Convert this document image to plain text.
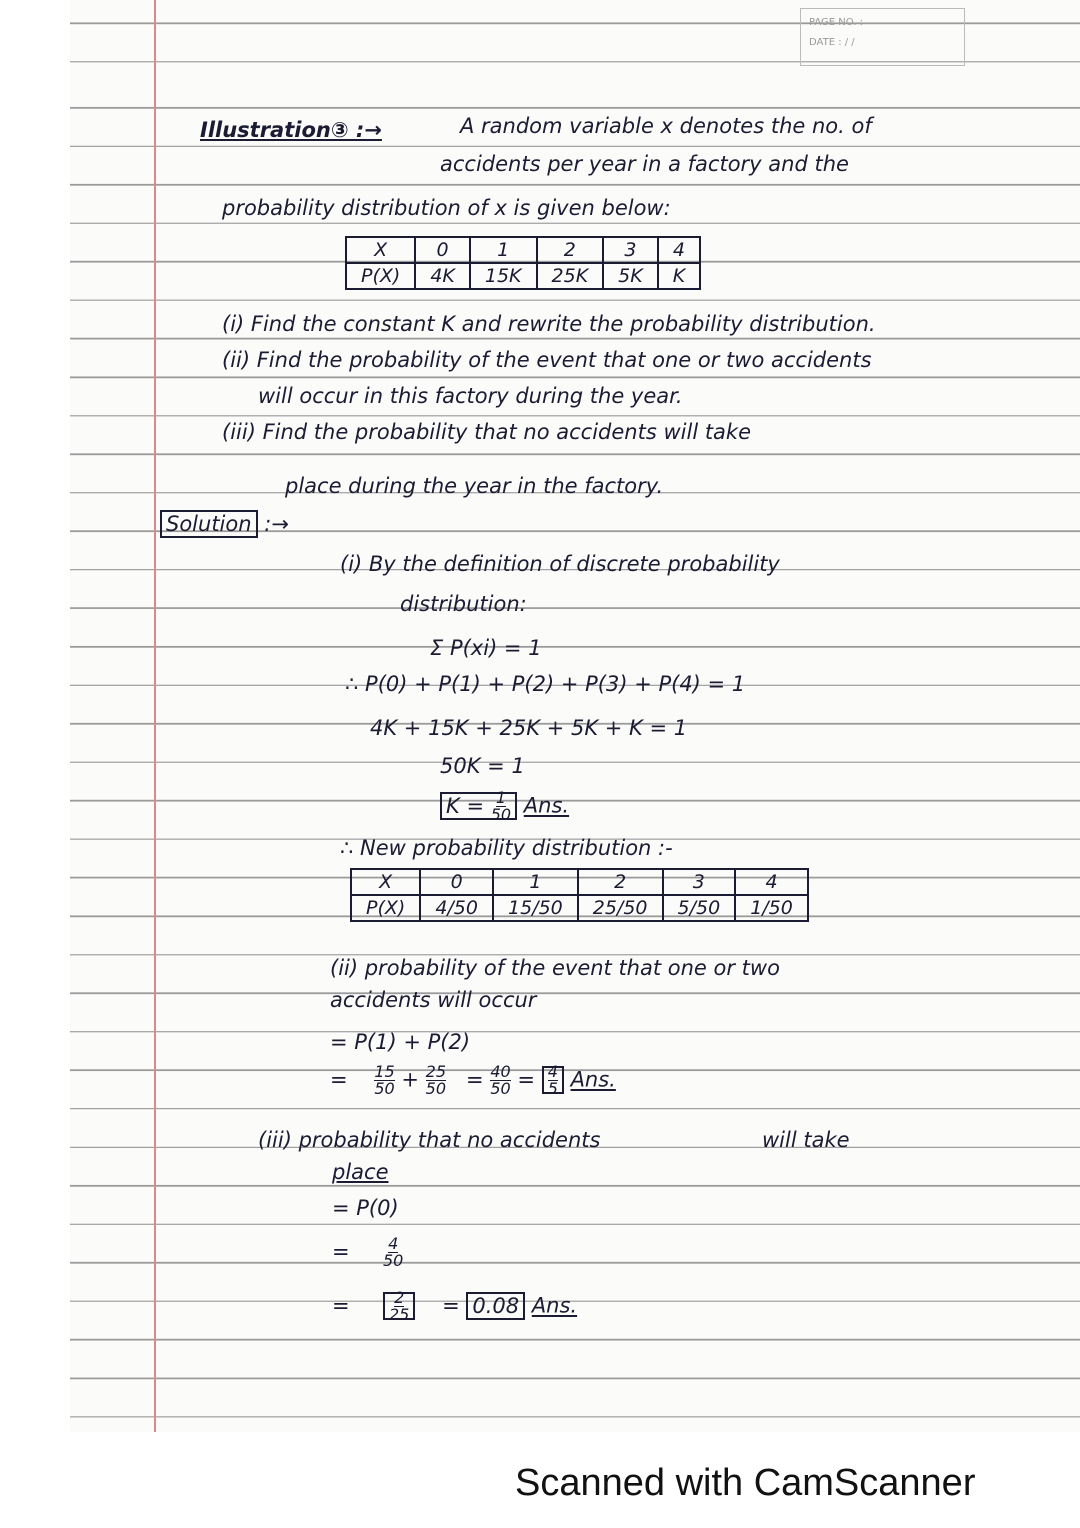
PAGE NO. :
DATE : / /
Illustration③ :→	A random variable x denotes the no. of
accidents per year in a factory and the
probability distribution of x is given below:
X	0	1	2	3	4
P(X)	4K	15K	25K	5K	K
(i) Find the constant K and rewrite the probability distribution.
(ii) Find the probability of the event that one or two accidents
will occur in this factory during the year.
(iii) Find the probability that no accidents will take
place during the year in the factory.
Solution :→
(i) By the definition of discrete probability
distribution:
Σ P(xi) = 1
∴ P(0) + P(1) + P(2) + P(3) + P(4) = 1
4K + 15K + 25K + 5K + K = 1
50K = 1
$K = \frac{1}{50}$ Ans.
∴ New probability distribution :-
X	0	1	2	3	4
P(X)	4/50	15/50	25/50	5/50	1/50
(ii) probability of the event that one or two
accidents will occur
= P(1) + P(2)
= $\frac{15}{50} + \frac{25}{50} = \frac{40}{50} = \frac{4}{5}$ Ans.
(iii) probability that no accidents	will take
place
= P(0)
= $\frac{4}{50}$
= $\frac{2}{25} = 0.08$ Ans.
Scanned with CamScanner
